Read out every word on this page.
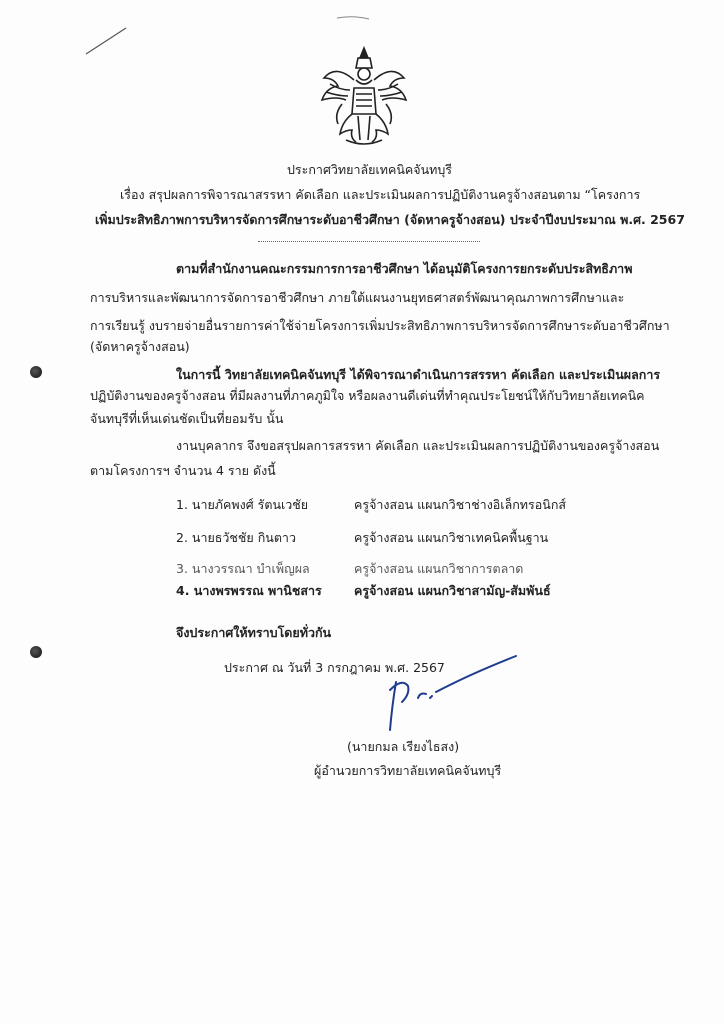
ประกาศวิทยาลัยเทคนิคจันทบุรี
เรื่อง สรุปผลการพิจารณาสรรหา คัดเลือก และประเมินผลการปฏิบัติงานครูจ้างสอนตาม “โครงการ
เพิ่มประสิทธิภาพการบริหารจัดการศึกษาระดับอาชีวศึกษา (จัดหาครูจ้างสอน) ประจำปีงบประมาณ พ.ศ. 2567
ตามที่สำนักงานคณะกรรมการการอาชีวศึกษา ได้อนุมัติโครงการยกระดับประสิทธิภาพ
การบริหารและพัฒนาการจัดการอาชีวศึกษา ภายใต้แผนงานยุทธศาสตร์พัฒนาคุณภาพการศึกษาและ
การเรียนรู้ งบรายจ่ายอื่นรายการค่าใช้จ่ายโครงการเพิ่มประสิทธิภาพการบริหารจัดการศึกษาระดับอาชีวศึกษา
(จัดหาครูจ้างสอน)
ในการนี้ วิทยาลัยเทคนิคจันทบุรี ได้พิจารณาดำเนินการสรรหา คัดเลือก และประเมินผลการ
ปฏิบัติงานของครูจ้างสอน ที่มีผลงานที่ภาคภูมิใจ หรือผลงานดีเด่นที่ทำคุณประโยชน์ให้กับวิทยาลัยเทคนิค
จันทบุรีที่เห็นเด่นชัดเป็นที่ยอมรับ นั้น
งานบุคลากร จึงขอสรุปผลการสรรหา คัดเลือก และประเมินผลการปฏิบัติงานของครูจ้างสอน
ตามโครงการฯ จำนวน 4 ราย ดังนี้
1. นายภัคพงศ์ รัตนเวชัย	ครูจ้างสอน แผนกวิชาช่างอิเล็กทรอนิกส์
2. นายธวัชชัย กินตาว	ครูจ้างสอน แผนกวิชาเทคนิคพื้นฐาน
3. นางวรรณา บำเพ็ญผล	ครูจ้างสอน แผนกวิชาการตลาด
4. นางพรพรรณ พานิชสาร	ครูจ้างสอน แผนกวิชาสามัญ-สัมพันธ์
จึงประกาศให้ทราบโดยทั่วกัน
ประกาศ ณ วันที่ 3 กรกฎาคม พ.ศ. 2567
(นายกมล เรียงไธสง)
ผู้อำนวยการวิทยาลัยเทคนิคจันทบุรี
